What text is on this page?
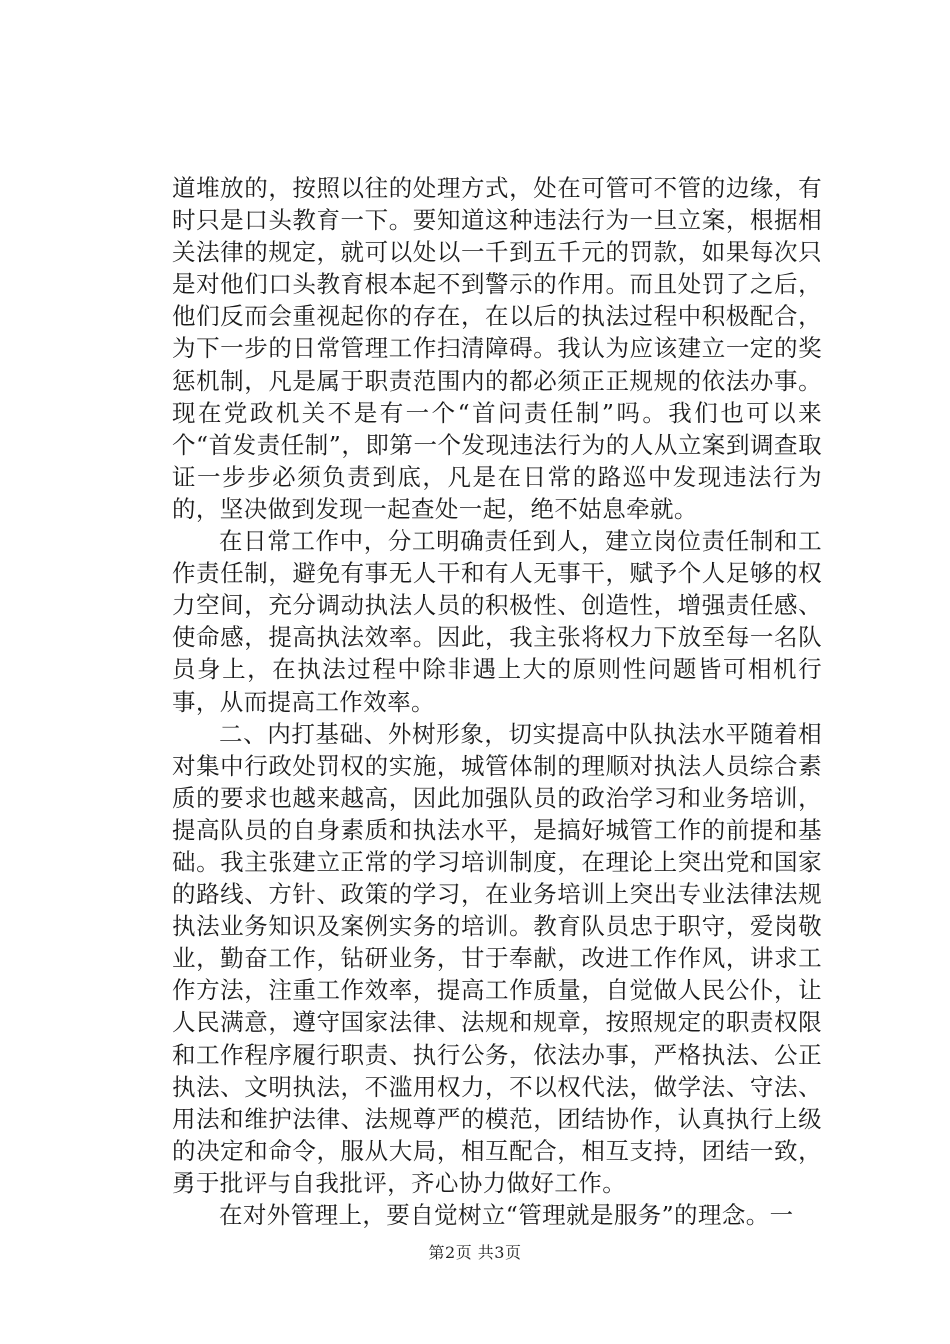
道堆放的，按照以往的处理方式，处在可管可不管的边缘，有时只是口头教育一下。要知道这种违法行为一旦立案，根据相关法律的规定，就可以处以一千到五千元的罚款，如果每次只是对他们口头教育根本起不到警示的作用。而且处罚了之后，他们反而会重视起你的存在，在以后的执法过程中积极配合，为下一步的日常管理工作扫清障碍。我认为应该建立一定的奖惩机制，凡是属于职责范围内的都必须正正规规的依法办事。现在党政机关不是有一个“首问责任制”吗。我们也可以来个“首发责任制”，即第一个发现违法行为的人从立案到调查取证一步步必须负责到底，凡是在日常的路巡中发现违法行为的，坚决做到发现一起查处一起，绝不姑息牵就。

在日常工作中，分工明确责任到人，建立岗位责任制和工作责任制，避免有事无人干和有人无事干，赋予个人足够的权力空间，充分调动执法人员的积极性、创造性，增强责任感、使命感，提高执法效率。因此，我主张将权力下放至每一名队员身上，在执法过程中除非遇上大的原则性问题皆可相机行事，从而提高工作效率。

二、内打基础、外树形象，切实提高中队执法水平随着相对集中行政处罚权的实施，城管体制的理顺对执法人员综合素质的要求也越来越高，因此加强队员的政治学习和业务培训，提高队员的自身素质和执法水平，是搞好城管工作的前提和基础。我主张建立正常的学习培训制度，在理论上突出党和国家的路线、方针、政策的学习，在业务培训上突出专业法律法规执法业务知识及案例实务的培训。教育队员忠于职守，爱岗敬业，勤奋工作，钻研业务，甘于奉献，改进工作作风，讲求工作方法，注重工作效率，提高工作质量，自觉做人民公仆，让人民满意，遵守国家法律、法规和规章，按照规定的职责权限和工作程序履行职责、执行公务，依法办事，严格执法、公正执法、文明执法，不滥用权力，不以权代法，做学法、守法、用法和维护法律、法规尊严的模范，团结协作，认真执行上级的决定和命令，服从大局，相互配合，相互支持，团结一致，勇于批评与自我批评，齐心协力做好工作。

在对外管理上，要自觉树立“管理就是服务”的理念。一

第2页 共3页
